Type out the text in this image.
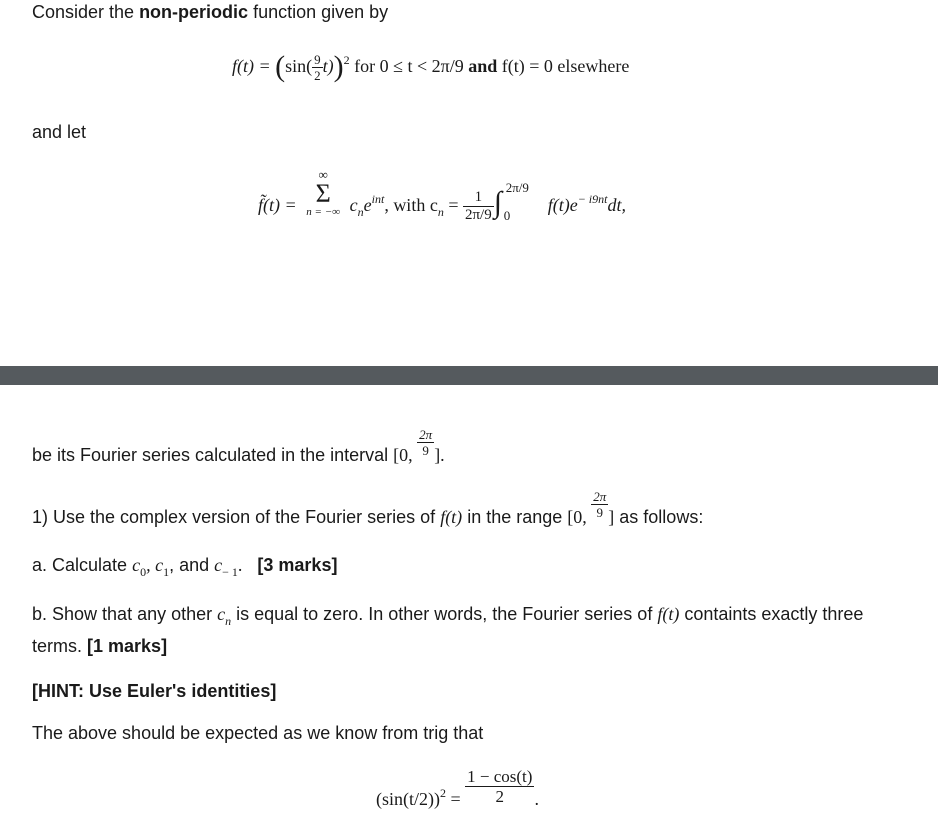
Consider the non-periodic function given by
$f(t) = (\sin( \frac{9}{2} t))^2$ for 0 ≤ t < 2π/9 and f(t) = 0 elsewhere
and let
f̃(t) =
∞
Σ
n = −∞ $c_ne^{int}$, with $c_n = \frac{1}{2\pi/9}$ ∫ 2π/9
0
$f(t)e^{- i9nt}dt$,
be its Fourier series calculated in the interval [0, $\frac{2\pi}{9}$ ].
1) Use the complex version of the Fourier series of f(t) in the range [0, $\frac{2\pi}{9}$ ] as follows:
a. Calculate $c_0$, $c_1$, and $c_{- 1}$. [3 marks]
b. Show that any other $c_n$ is equal to zero. In other words, the Fourier series of f(t) containts exactly three
terms. [1 marks]
[HINT: Use Euler's identities]
The above should be expected as we know from trig that
$(\sin(t/2))_2 = \frac{1 - \cos(t)}{2}$ .
